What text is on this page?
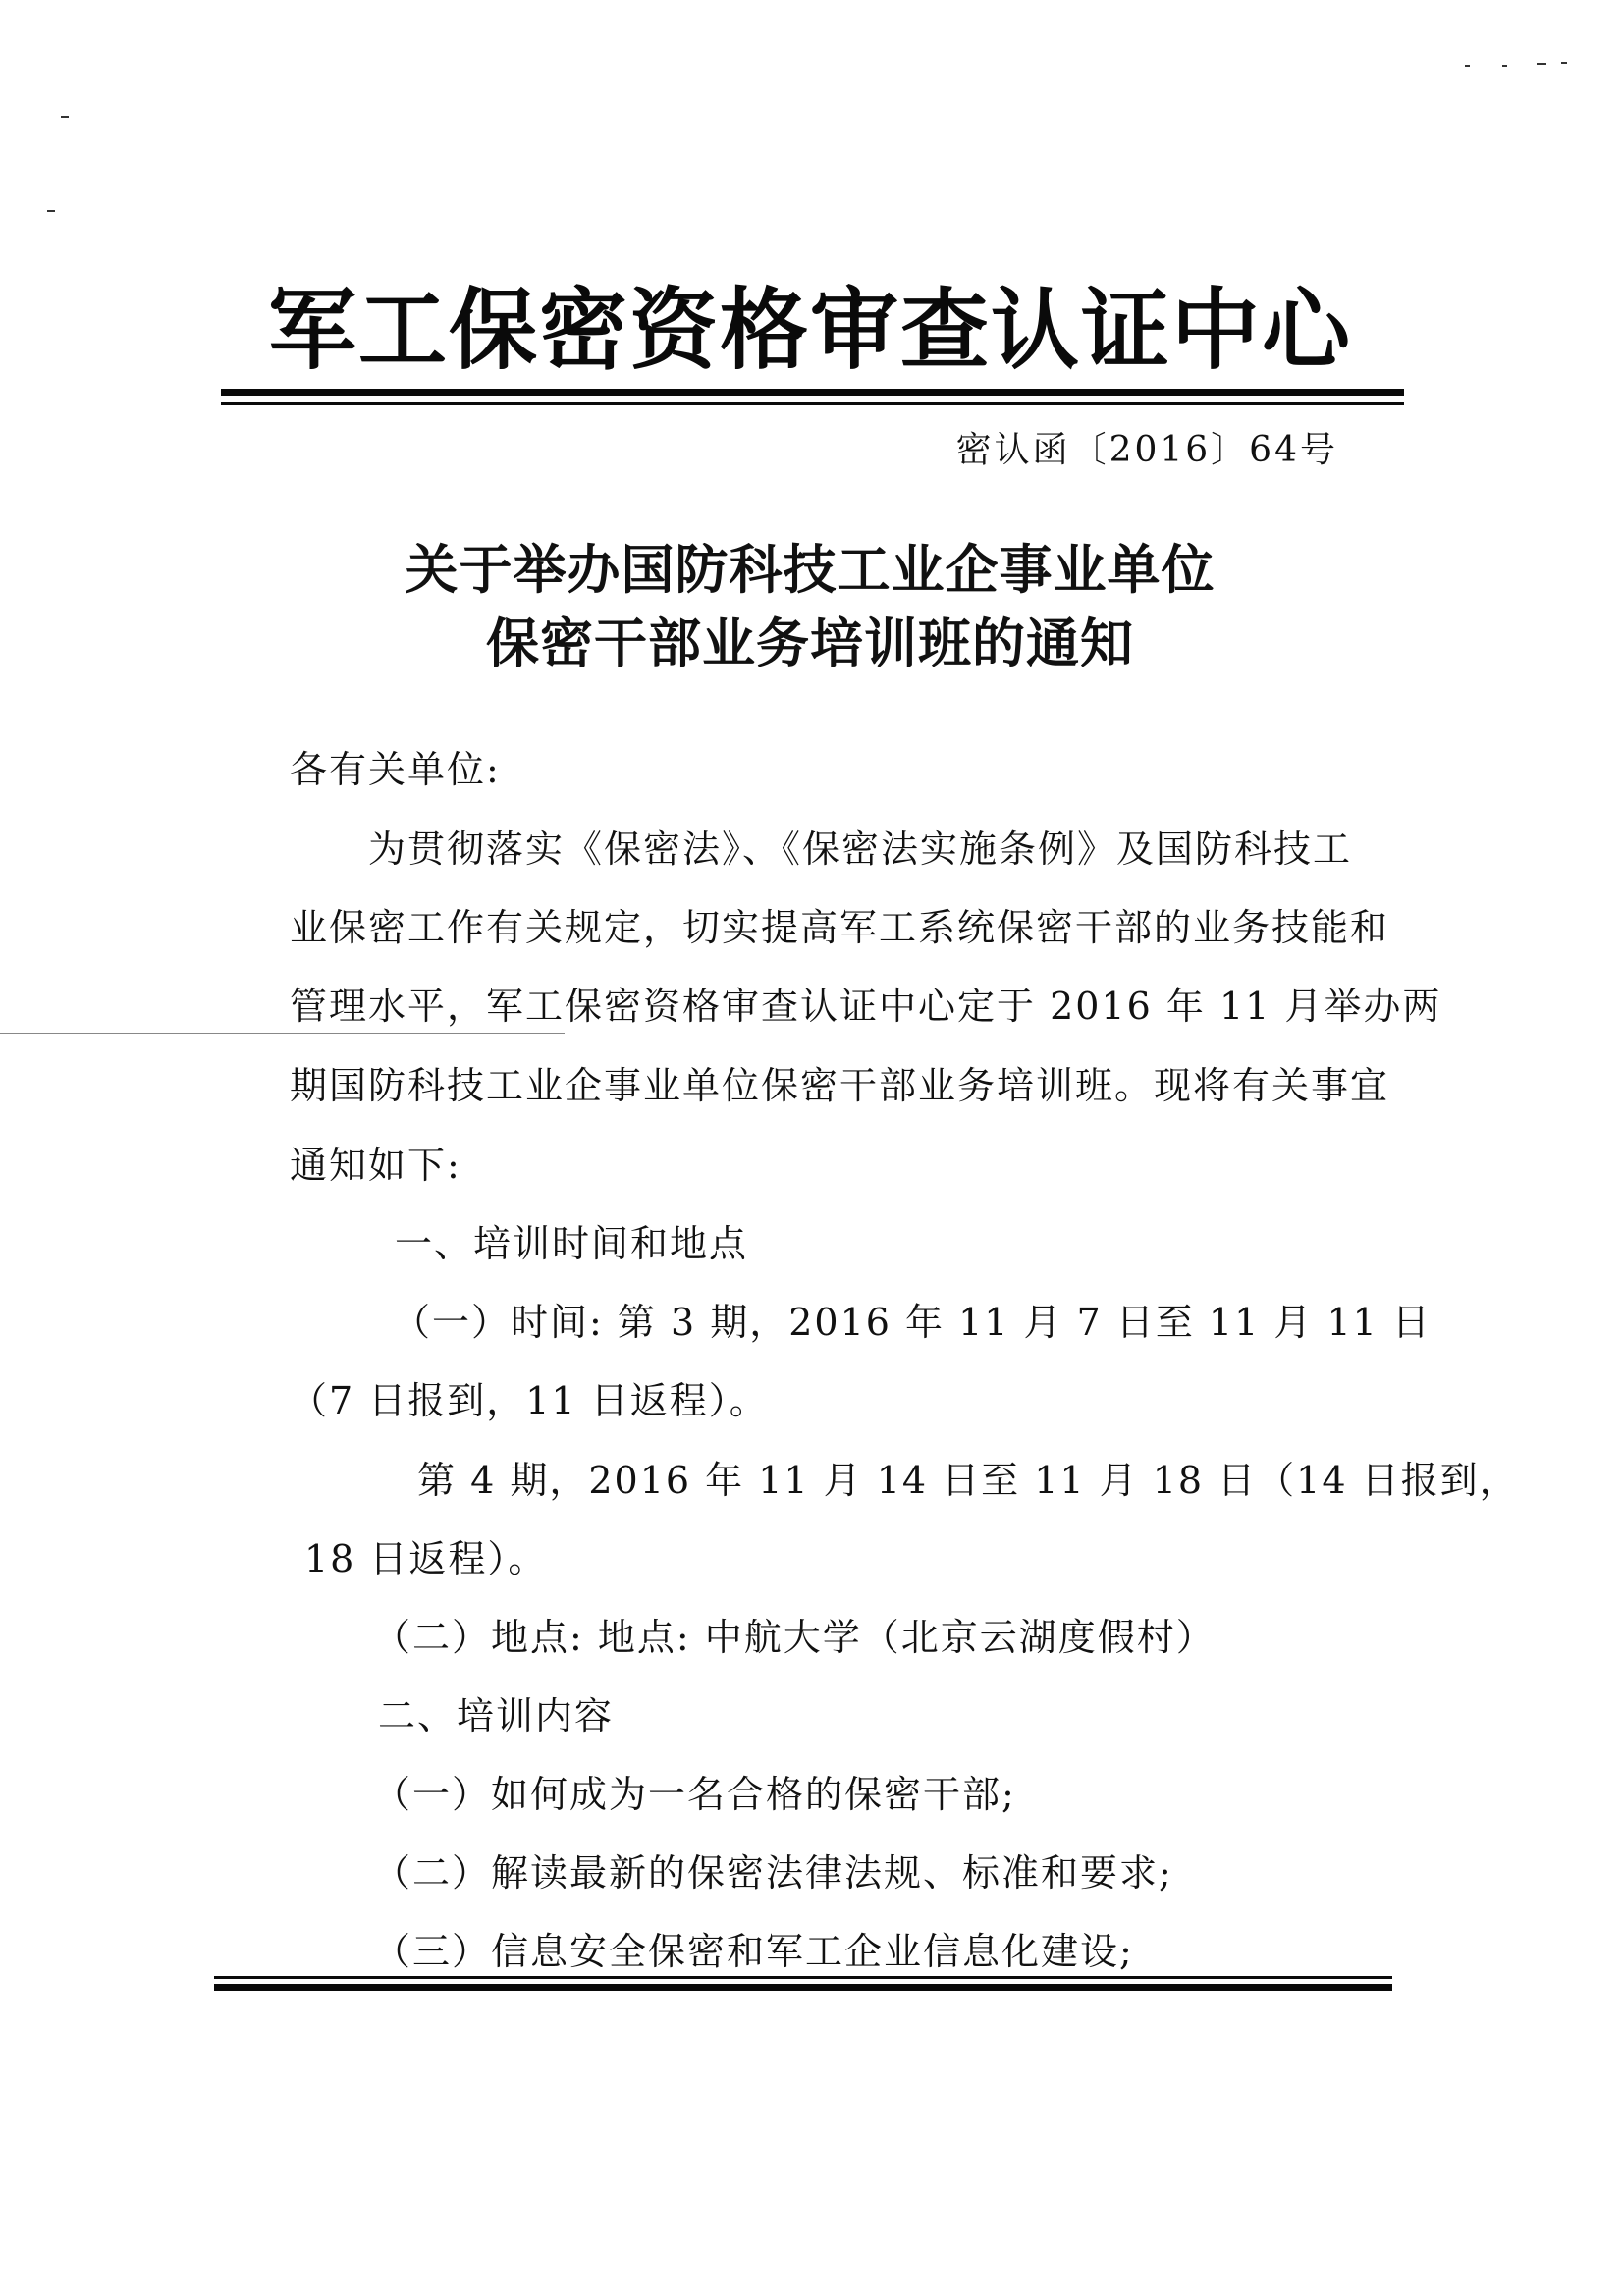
军工保密资格审查认证中心
密认函〔2016〕64号
关于举办国防科技工业企事业单位
保密干部业务培训班的通知
各有关单位:
为贯彻落实《保密法》、《保密法实施条例》及国防科技工
业保密工作有关规定，切实提高军工系统保密干部的业务技能和
管理水平，军工保密资格审查认证中心定于 2016 年 11 月举办两
期国防科技工业企事业单位保密干部业务培训班。现将有关事宜
通知如下:
一、培训时间和地点
（一）时间: 第 3 期，2016 年 11 月 7 日至 11 月 11 日
（7 日报到，11 日返程）。
第 4 期，2016 年 11 月 14 日至 11 月 18 日（14 日报到，
18 日返程）。
（二）地点: 地点: 中航大学（北京云湖度假村）
二、培训内容
（一）如何成为一名合格的保密干部;
（二）解读最新的保密法律法规、标准和要求;
（三）信息安全保密和军工企业信息化建设;
